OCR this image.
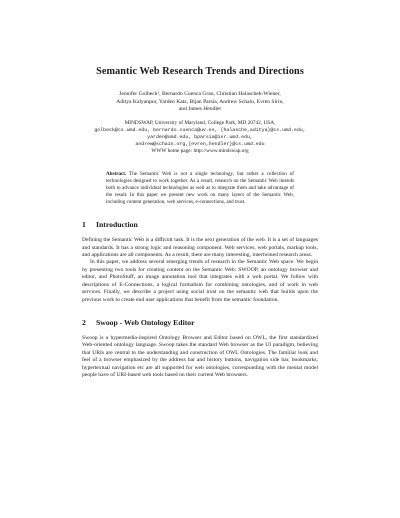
Semantic Web Research Trends and Directions
Jennifer Golbeck¹, Bernardo Cuenca Grau, Christian Halaschek-Wiener,
Aditya Kalyanpur, Yarden Katz, Bijan Parsia, Andrew Schain, Evren Sirin,
and James Hendler
MINDSWAP, University of Maryland, College Park, MD 20742, USA,
golbeck@cs.umd.edu, bernardo.cuenca@uv.es, {halasche,aditya}@cs.umd.edu,
yarden@umd.edu, bparsia@isr.umd.edu,
andrew@schain.org,{evren,hendler}@cs.umd.edu
WWW home page: http://www.mindswap.org

Abstract. The Semantic Web is not a single technology, but rather a collection of technologies designed to work together. As a result, research on the Semantic Web intends both to advance individual technologies as well as to integrate them and take advantage of the result. In this paper we present new work on many layers of the Semantic Web, including content generation, web services, e-connections, and trust.

1 Introduction

Defining the Semantic Web is a difficult task. It is the next generation of the web. It is a set of languages and standards. It has a strong logic and reasoning component. Web services, web portals, markup tools, and applications are all components. As a result, there are many interesting, intertwined research areas.

In this paper, we address several emerging trends of research in the Semantic Web space. We begin by presenting two tools for creating content on the Semantic Web: SWOOP, an ontology browser and editor, and PhotoStuff, an image annotation tool that integrates with a web portal. We follow with descriptions of E-Connections, a logical formalism for combining ontologies, and of work in web services. Finally, we describe a project using social trust on the semantic web that builds upon the previous work to create end user applications that benefit from the semantic foundation.

2 Swoop - Web Ontology Editor

Swoop is a hypermedia-inspired Ontology Browser and Editor based on OWL, the first standardized Web-oriented ontology language. Swoop takes the standard Web browser as the UI paradigm, believing that URIs are central to the understanding and construction of OWL Ontologies. The familiar look and feel of a browser emphasized by the address bar and history buttons, navigation side bar, bookmarks, hypertextual navigation etc are all supported for web ontologies, corresponding with the mental model people have of URI-based web tools based on their current Web browsers.
